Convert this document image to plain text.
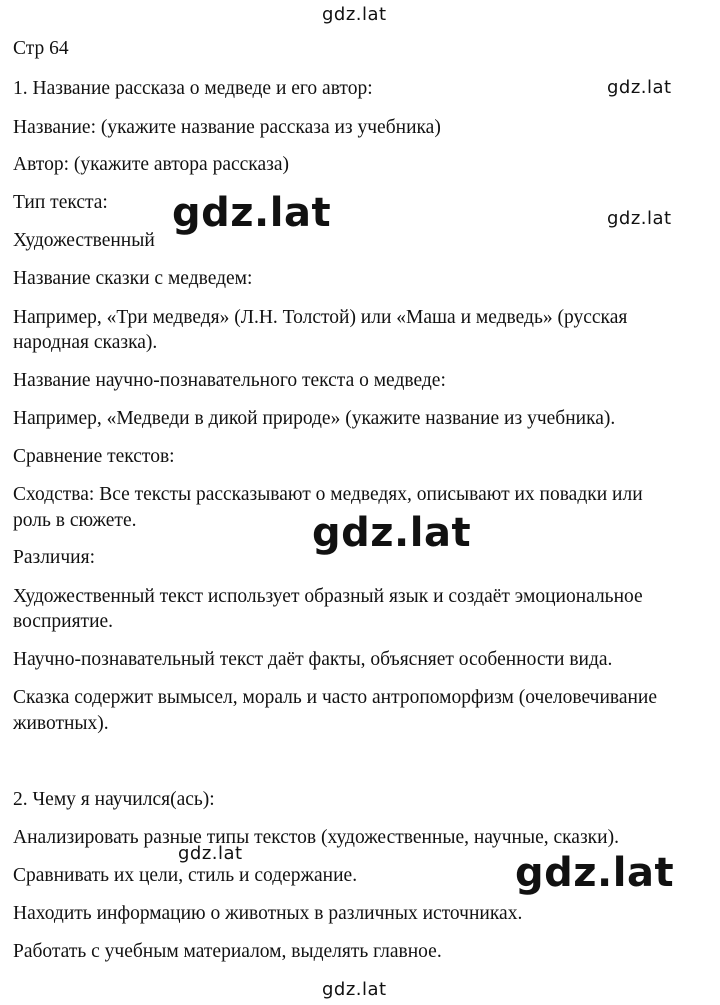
gdz.lat
gdz.lat
gdz.lat	gdz.lat
gdz.lat
gdz.lat	gdz.lat
gdz.lat

Стр 64

1. Название рассказа о медведе и его автор:

Название: (укажите название рассказа из учебника)

Автор: (укажите автора рассказа)

Тип текста:

Художественный

Название сказки с медведем:

Например, «Три медведя» (Л.Н. Толстой) или «Маша и медведь» (русская

народная сказка).

Название научно-познавательного текста о медведе:

Например, «Медведи в дикой природе» (укажите название из учебника).

Сравнение текстов:

Сходства: Все тексты рассказывают о медведях, описывают их повадки или

роль в сюжете.

Различия:

Художественный текст использует образный язык и создаёт эмоциональное

восприятие.

Научно-познавательный текст даёт факты, объясняет особенности вида.

Сказка содержит вымысел, мораль и часто антропоморфизм (очеловечивание

животных).

2. Чему я научился(ась):

Анализировать разные типы текстов (художественные, научные, сказки).

Сравнивать их цели, стиль и содержание.

Находить информацию о животных в различных источниках.

Работать с учебным материалом, выделять главное.
